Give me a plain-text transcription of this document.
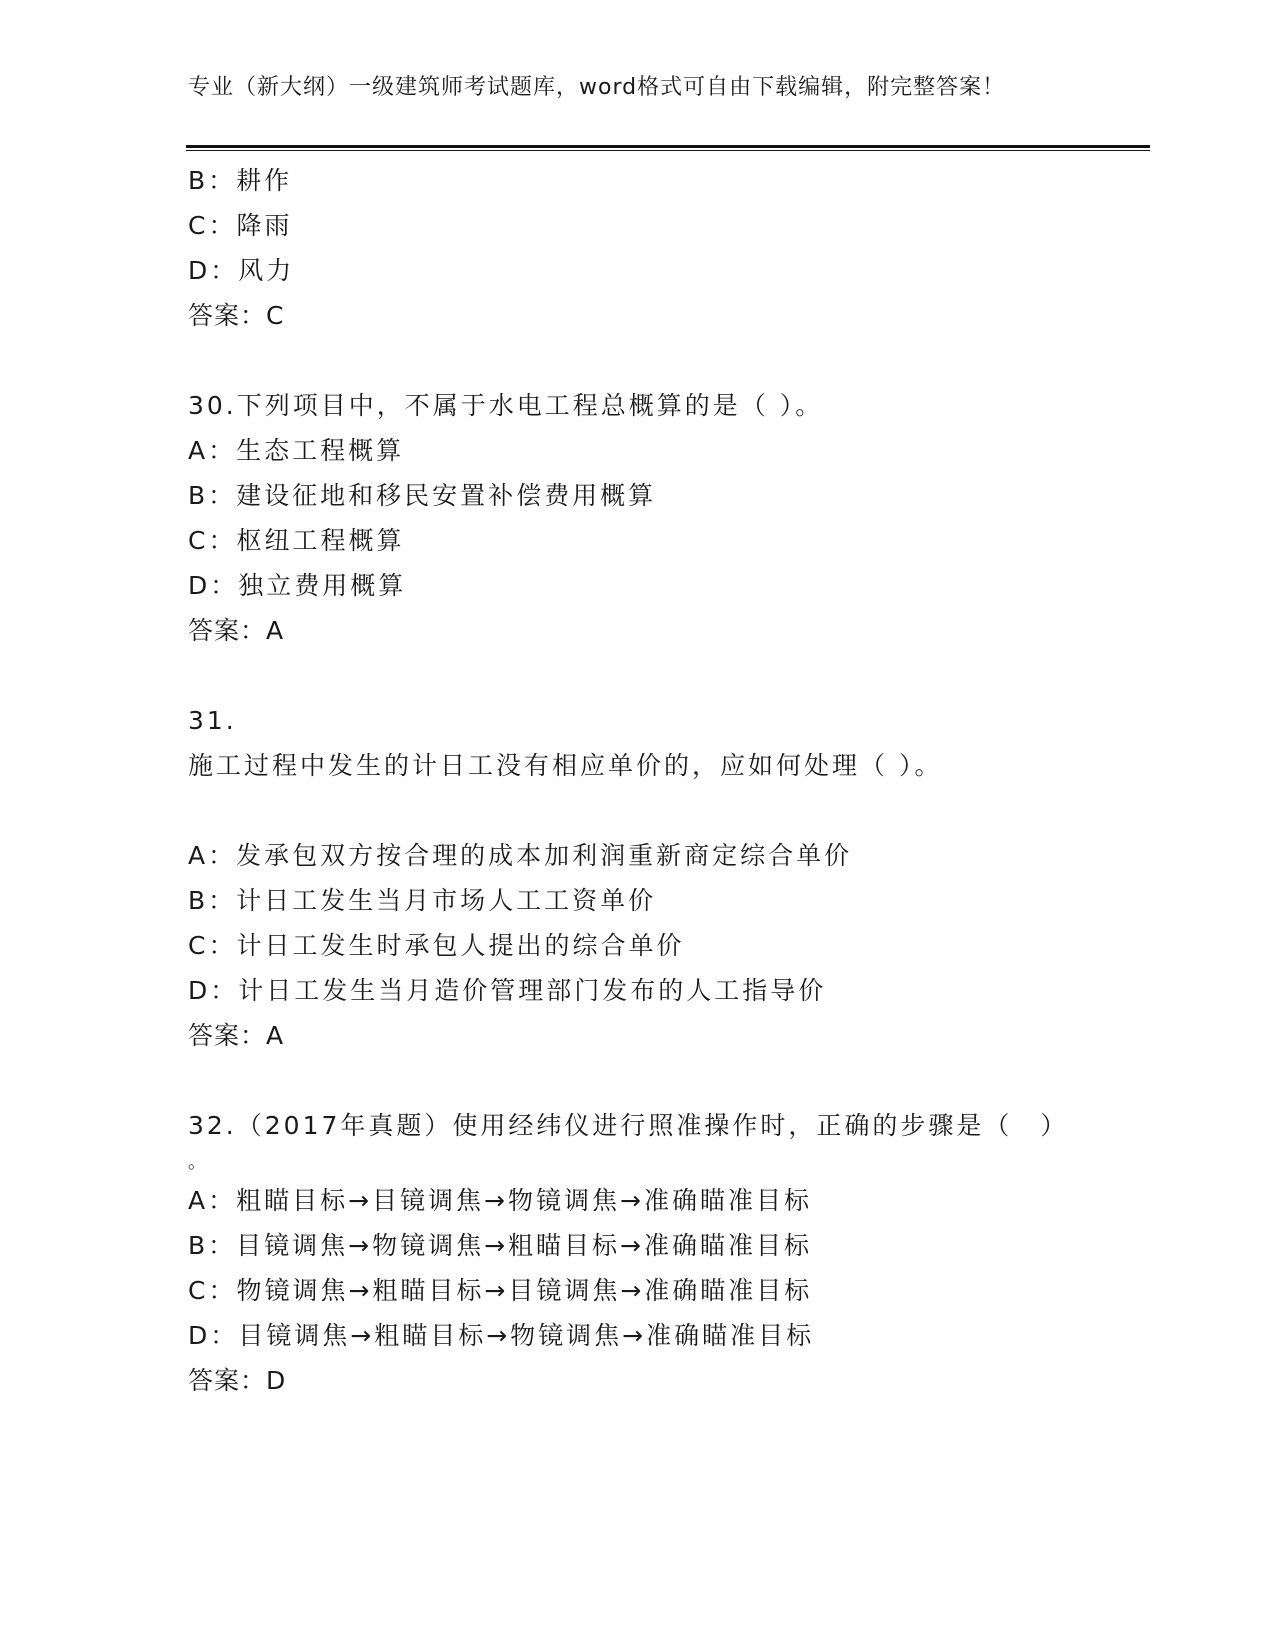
专业（新大纲）一级建筑师考试题库，word格式可自由下载编辑，附完整答案！
B：耕作
C：降雨
D：风力
答案：C
30.下列项目中，不属于水电工程总概算的是（ ）。
A：生态工程概算
B：建设征地和移民安置补偿费用概算
C：枢纽工程概算
D：独立费用概算
答案：A
31.
施工过程中发生的计日工没有相应单价的，应如何处理（ ）。
A：发承包双方按合理的成本加利润重新商定综合单价
B：计日工发生当月市场人工工资单价
C：计日工发生时承包人提出的综合单价
D：计日工发生当月造价管理部门发布的人工指导价
答案：A
32.（2017年真题）使用经纬仪进行照准操作时，正确的步骤是（　）
。
A：粗瞄目标→目镜调焦→物镜调焦→准确瞄准目标
B：目镜调焦→物镜调焦→粗瞄目标→准确瞄准目标
C：物镜调焦→粗瞄目标→目镜调焦→准确瞄准目标
D：目镜调焦→粗瞄目标→物镜调焦→准确瞄准目标
答案：D
